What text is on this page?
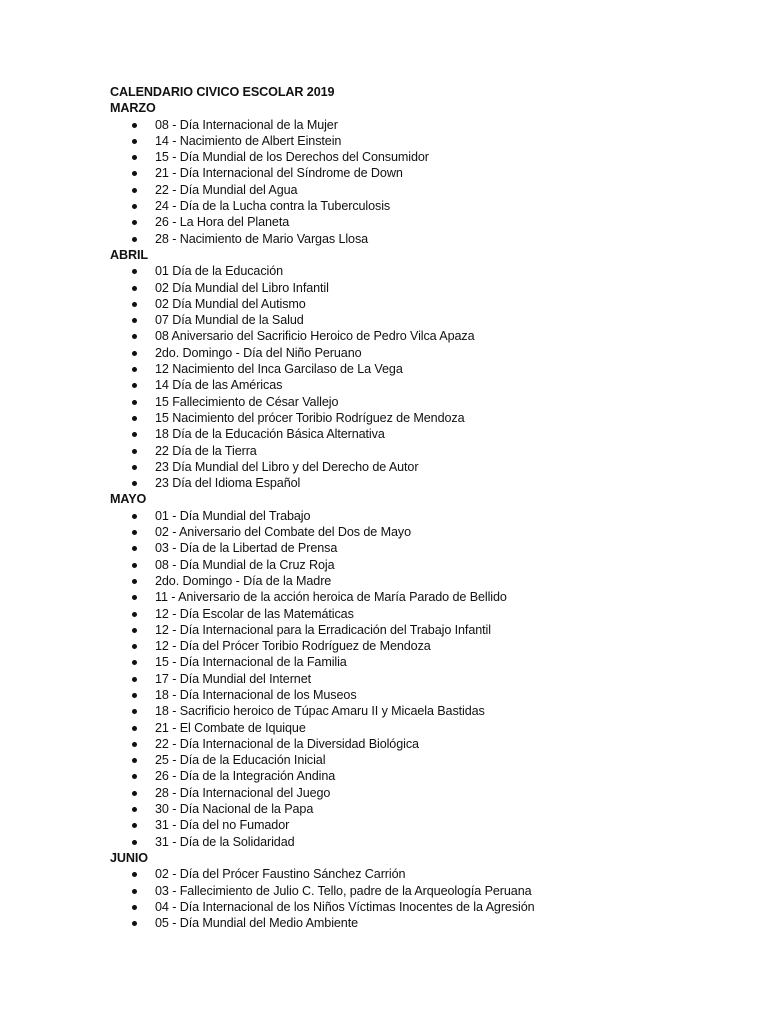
CALENDARIO CIVICO ESCOLAR 2019
MARZO
08 - Día Internacional de la Mujer
14 - Nacimiento de Albert Einstein
15 - Día Mundial de los Derechos del Consumidor
21 - Día Internacional del Síndrome de Down
22 - Día Mundial del Agua
24 - Día de la Lucha contra la Tuberculosis
26 - La Hora del Planeta
28 - Nacimiento de Mario Vargas Llosa
ABRIL
01 Día de la Educación
02 Día Mundial del Libro Infantil
02 Día Mundial del Autismo
07 Día Mundial de la Salud
08 Aniversario del Sacrificio Heroico de Pedro Vilca Apaza
2do. Domingo - Día del Niño Peruano
12 Nacimiento del Inca Garcilaso de La Vega
14 Día de las Américas
15 Fallecimiento de César Vallejo
15 Nacimiento del prócer Toribio Rodríguez de Mendoza
18 Día de la Educación Básica Alternativa
22 Día de la Tierra
23 Día Mundial del Libro y del Derecho de Autor
23 Día del Idioma Español
MAYO
01 - Día Mundial del Trabajo
02 - Aniversario del Combate del Dos de Mayo
03 - Día de la Libertad de Prensa
08 - Día Mundial de la Cruz Roja
2do. Domingo - Día de la Madre
11 - Aniversario de la acción heroica de María Parado de Bellido
12 - Día Escolar de las Matemáticas
12 - Día Internacional para la Erradicación del Trabajo Infantil
12 - Día del Prócer Toribio Rodríguez de Mendoza
15 - Día Internacional de la Familia
17 - Día Mundial del Internet
18 - Día Internacional de los Museos
18 - Sacrificio heroico de Túpac Amaru II y Micaela Bastidas
21 - El Combate de Iquique
22 - Día Internacional de la Diversidad Biológica
25 - Día de la Educación Inicial
26 - Día de la Integración Andina
28 - Día Internacional del Juego
30 - Día Nacional de la Papa
31 - Día del no Fumador
31 - Día de la Solidaridad
JUNIO
02 - Día del Prócer Faustino Sánchez Carrión
03 - Fallecimiento de Julio C. Tello, padre de la Arqueología Peruana
04 - Día Internacional de los Niños Víctimas Inocentes de la Agresión
05 - Día Mundial del Medio Ambiente
